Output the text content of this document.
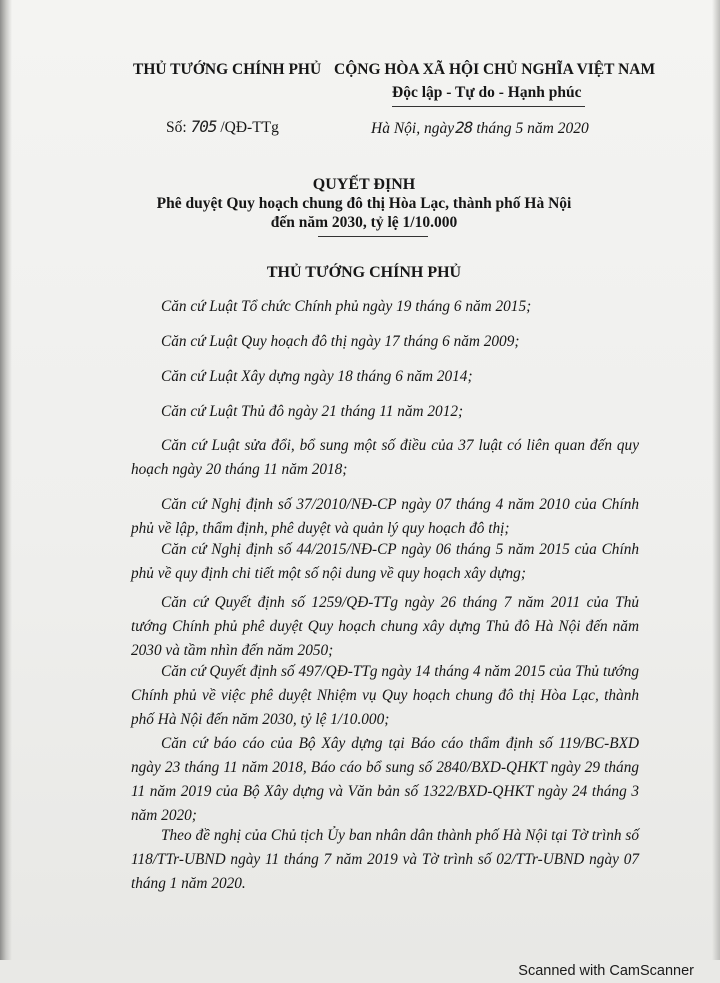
THỦ TƯỚNG CHÍNH PHỦ CỘNG HÒA XÃ HỘI CHỦ NGHĨA VIỆT NAM
Độc lập - Tự do - Hạnh phúc
Số: 705 /QĐ-TTg	Hà Nội, ngày28 tháng 5 năm 2020
QUYẾT ĐỊNH
Phê duyệt Quy hoạch chung đô thị Hòa Lạc, thành phố Hà Nội
đến năm 2030, tỷ lệ 1/10.000
THỦ TƯỚNG CHÍNH PHỦ
Căn cứ Luật Tổ chức Chính phủ ngày 19 tháng 6 năm 2015;
Căn cứ Luật Quy hoạch đô thị ngày 17 tháng 6 năm 2009;
Căn cứ Luật Xây dựng ngày 18 tháng 6 năm 2014;
Căn cứ Luật Thủ đô ngày 21 tháng 11 năm 2012;
Căn cứ Luật sửa đổi, bổ sung một số điều của 37 luật có liên quan đến quy hoạch ngày 20 tháng 11 năm 2018;
Căn cứ Nghị định số 37/2010/NĐ-CP ngày 07 tháng 4 năm 2010 của Chính phủ về lập, thẩm định, phê duyệt và quản lý quy hoạch đô thị;
Căn cứ Nghị định số 44/2015/NĐ-CP ngày 06 tháng 5 năm 2015 của Chính phủ về quy định chi tiết một số nội dung về quy hoạch xây dựng;
Căn cứ Quyết định số 1259/QĐ-TTg ngày 26 tháng 7 năm 2011 của Thủ tướng Chính phủ phê duyệt Quy hoạch chung xây dựng Thủ đô Hà Nội đến năm 2030 và tầm nhìn đến năm 2050;
Căn cứ Quyết định số 497/QĐ-TTg ngày 14 tháng 4 năm 2015 của Thủ tướng Chính phủ về việc phê duyệt Nhiệm vụ Quy hoạch chung đô thị Hòa Lạc, thành phố Hà Nội đến năm 2030, tỷ lệ 1/10.000;
Căn cứ báo cáo của Bộ Xây dựng tại Báo cáo thẩm định số 119/BC-BXD ngày 23 tháng 11 năm 2018, Báo cáo bổ sung số 2840/BXD-QHKT ngày 29 tháng 11 năm 2019 của Bộ Xây dựng và Văn bản số 1322/BXD-QHKT ngày 24 tháng 3 năm 2020;
Theo đề nghị của Chủ tịch Ủy ban nhân dân thành phố Hà Nội tại Tờ trình số 118/TTr-UBND ngày 11 tháng 7 năm 2019 và Tờ trình số 02/TTr-UBND ngày 07 tháng 1 năm 2020.
Scanned with CamScanner
